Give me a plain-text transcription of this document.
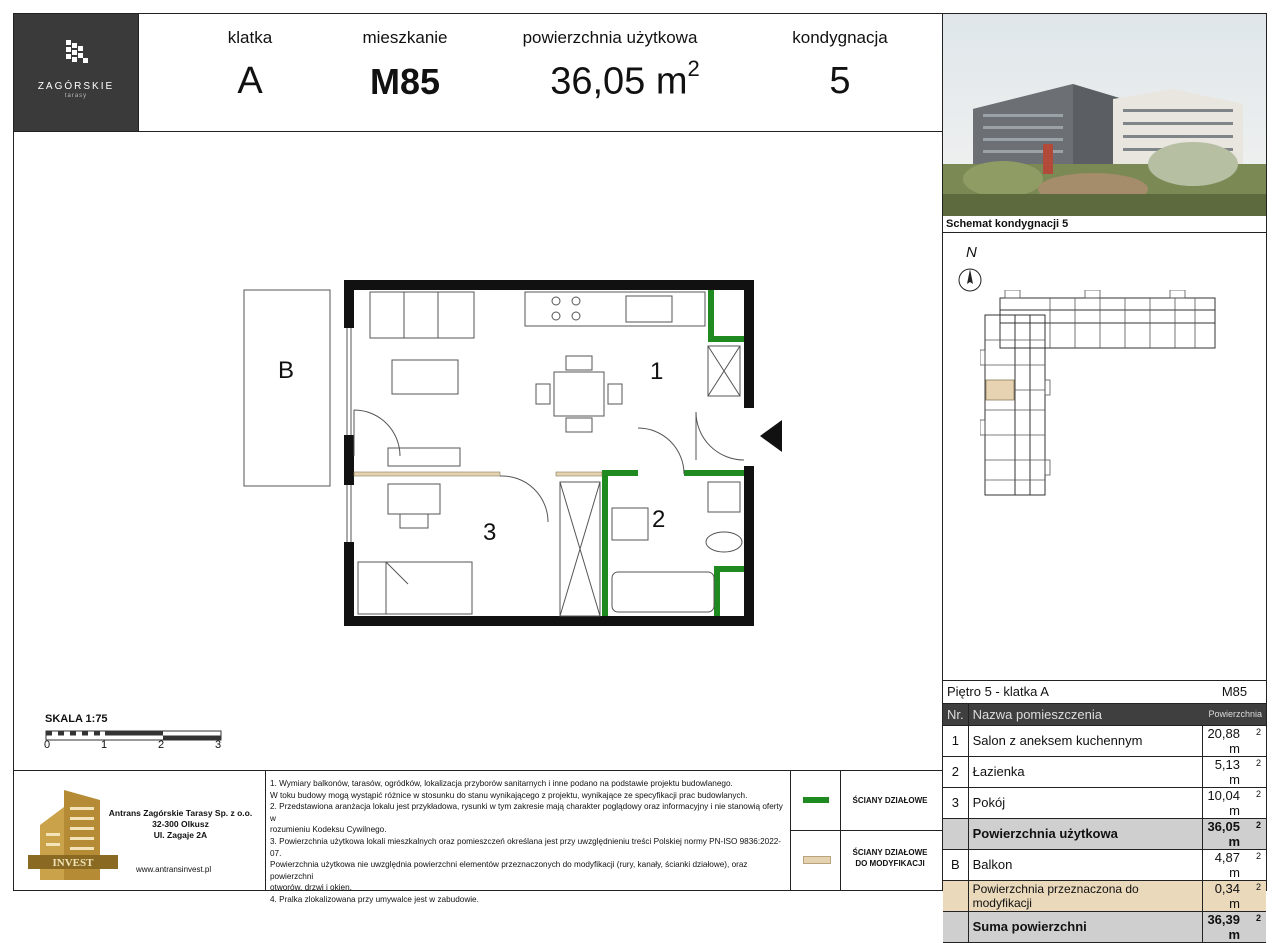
ZAGÓRSKIE
tarasy
klatka
A
mieszkanie
M85
powierzchnia użytkowa
36,05 $m^2$
kondygnacja
5
Schemat kondygnacji 5
N
1
2
3
B
SKALA 1:75
0	1	2	3
Piętro 5 - klatka A		M85
Nr.	Nazwa pomieszczenia	Powierzchnia
1	Salon z aneksem kuchennym	20,88 m
2

2	Łazienka	5,13 m
2

3	Pokój	10,04 m
2

	Powierzchnia użytkowa	36,05 m
2

B	Balkon	4,87 m
2

	Powierzchnia przeznaczona do modyfikacji	0,34 m
2

	Suma powierzchni	36,39 m
2
INVEST
Antrans Zagórskie Tarasy Sp. z o.o.
32-300 Olkusz
Ul. Zagaje 2A
www.antransinvest.pl
1. Wymiary balkonów, tarasów, ogródków, lokalizacja przyborów sanitarnych i inne podano na podstawie projektu budowlanego.
W toku budowy mogą wystąpić różnice w stosunku do stanu wynikającego z projektu, wynikające ze specyfikacji prac budowlanych.
2. Przedstawiona aranżacja lokalu jest przykładowa, rysunki w tym zakresie mają charakter poglądowy oraz informacyjny i nie stanowią oferty w
rozumieniu Kodeksu Cywilnego.
3. Powierzchnia użytkowa lokali mieszkalnych oraz pomieszczeń określana jest przy uwzględnieniu treści Polskiej normy PN-ISO 9836:2022-07.
Powierzchnia użytkowa nie uwzględnia powierzchni elementów przeznaczonych do modyfikacji (rury, kanały, ścianki działowe), oraz powierzchni
otworów, drzwi i okien.
4. Pralka zlokalizowana przy umywalce jest w zabudowie.
ŚCIANY DZIAŁOWE
ŚCIANY DZIAŁOWE
DO MODYFIKACJI
